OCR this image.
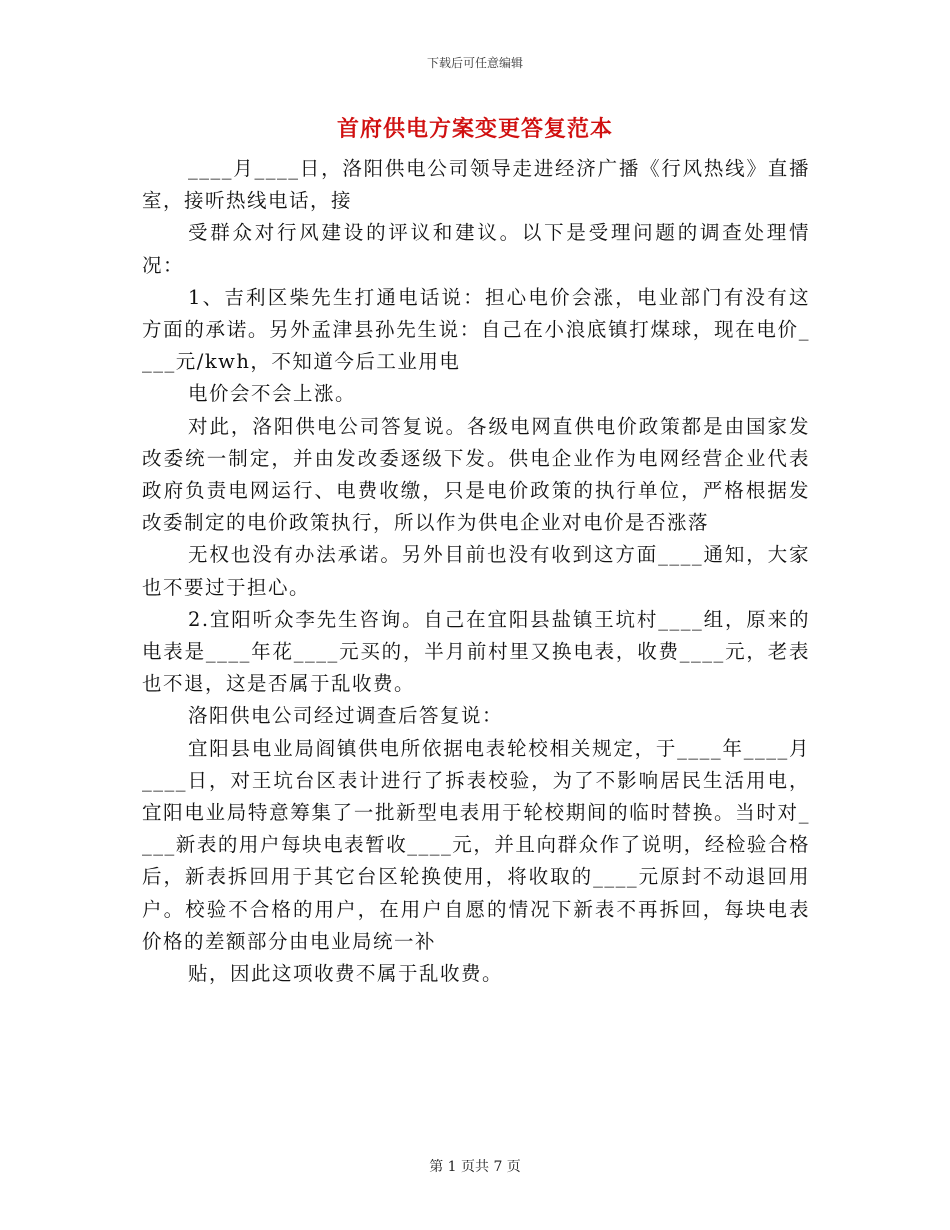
下载后可任意编辑
首府供电方案变更答复范本

____月____日，洛阳供电公司领导走进经济广播《行风热线》直播室，接听热线电话，接

受群众对行风建设的评议和建议。以下是受理问题的调查处理情况：

1、吉利区柴先生打通电话说：担心电价会涨，电业部门有没有这方面的承诺。另外孟津县孙先生说：自己在小浪底镇打煤球，现在电价____元/kwh，不知道今后工业用电

电价会不会上涨。

对此，洛阳供电公司答复说。各级电网直供电价政策都是由国家发改委统一制定，并由发改委逐级下发。供电企业作为电网经营企业代表政府负责电网运行、电费收缴，只是电价政策的执行单位，严格根据发改委制定的电价政策执行，所以作为供电企业对电价是否涨落

无权也没有办法承诺。另外目前也没有收到这方面____通知，大家也不要过于担心。

2.宜阳听众李先生咨询。自己在宜阳县盐镇王坑村____组，原来的电表是____年花____元买的，半月前村里又换电表，收费____元，老表也不退，这是否属于乱收费。

洛阳供电公司经过调查后答复说：

宜阳县电业局阎镇供电所依据电表轮校相关规定，于____年____月____日，对王坑台区表计进行了拆表校验，为了不影响居民生活用电，宜阳电业局特意筹集了一批新型电表用于轮校期间的临时替换。当时对____新表的用户每块电表暂收____元，并且向群众作了说明，经检验合格后，新表拆回用于其它台区轮换使用，将收取的____元原封不动退回用户。校验不合格的用户，在用户自愿的情况下新表不再拆回，每块电表价格的差额部分由电业局统一补

贴，因此这项收费不属于乱收费。

第 1 页共 7 页
